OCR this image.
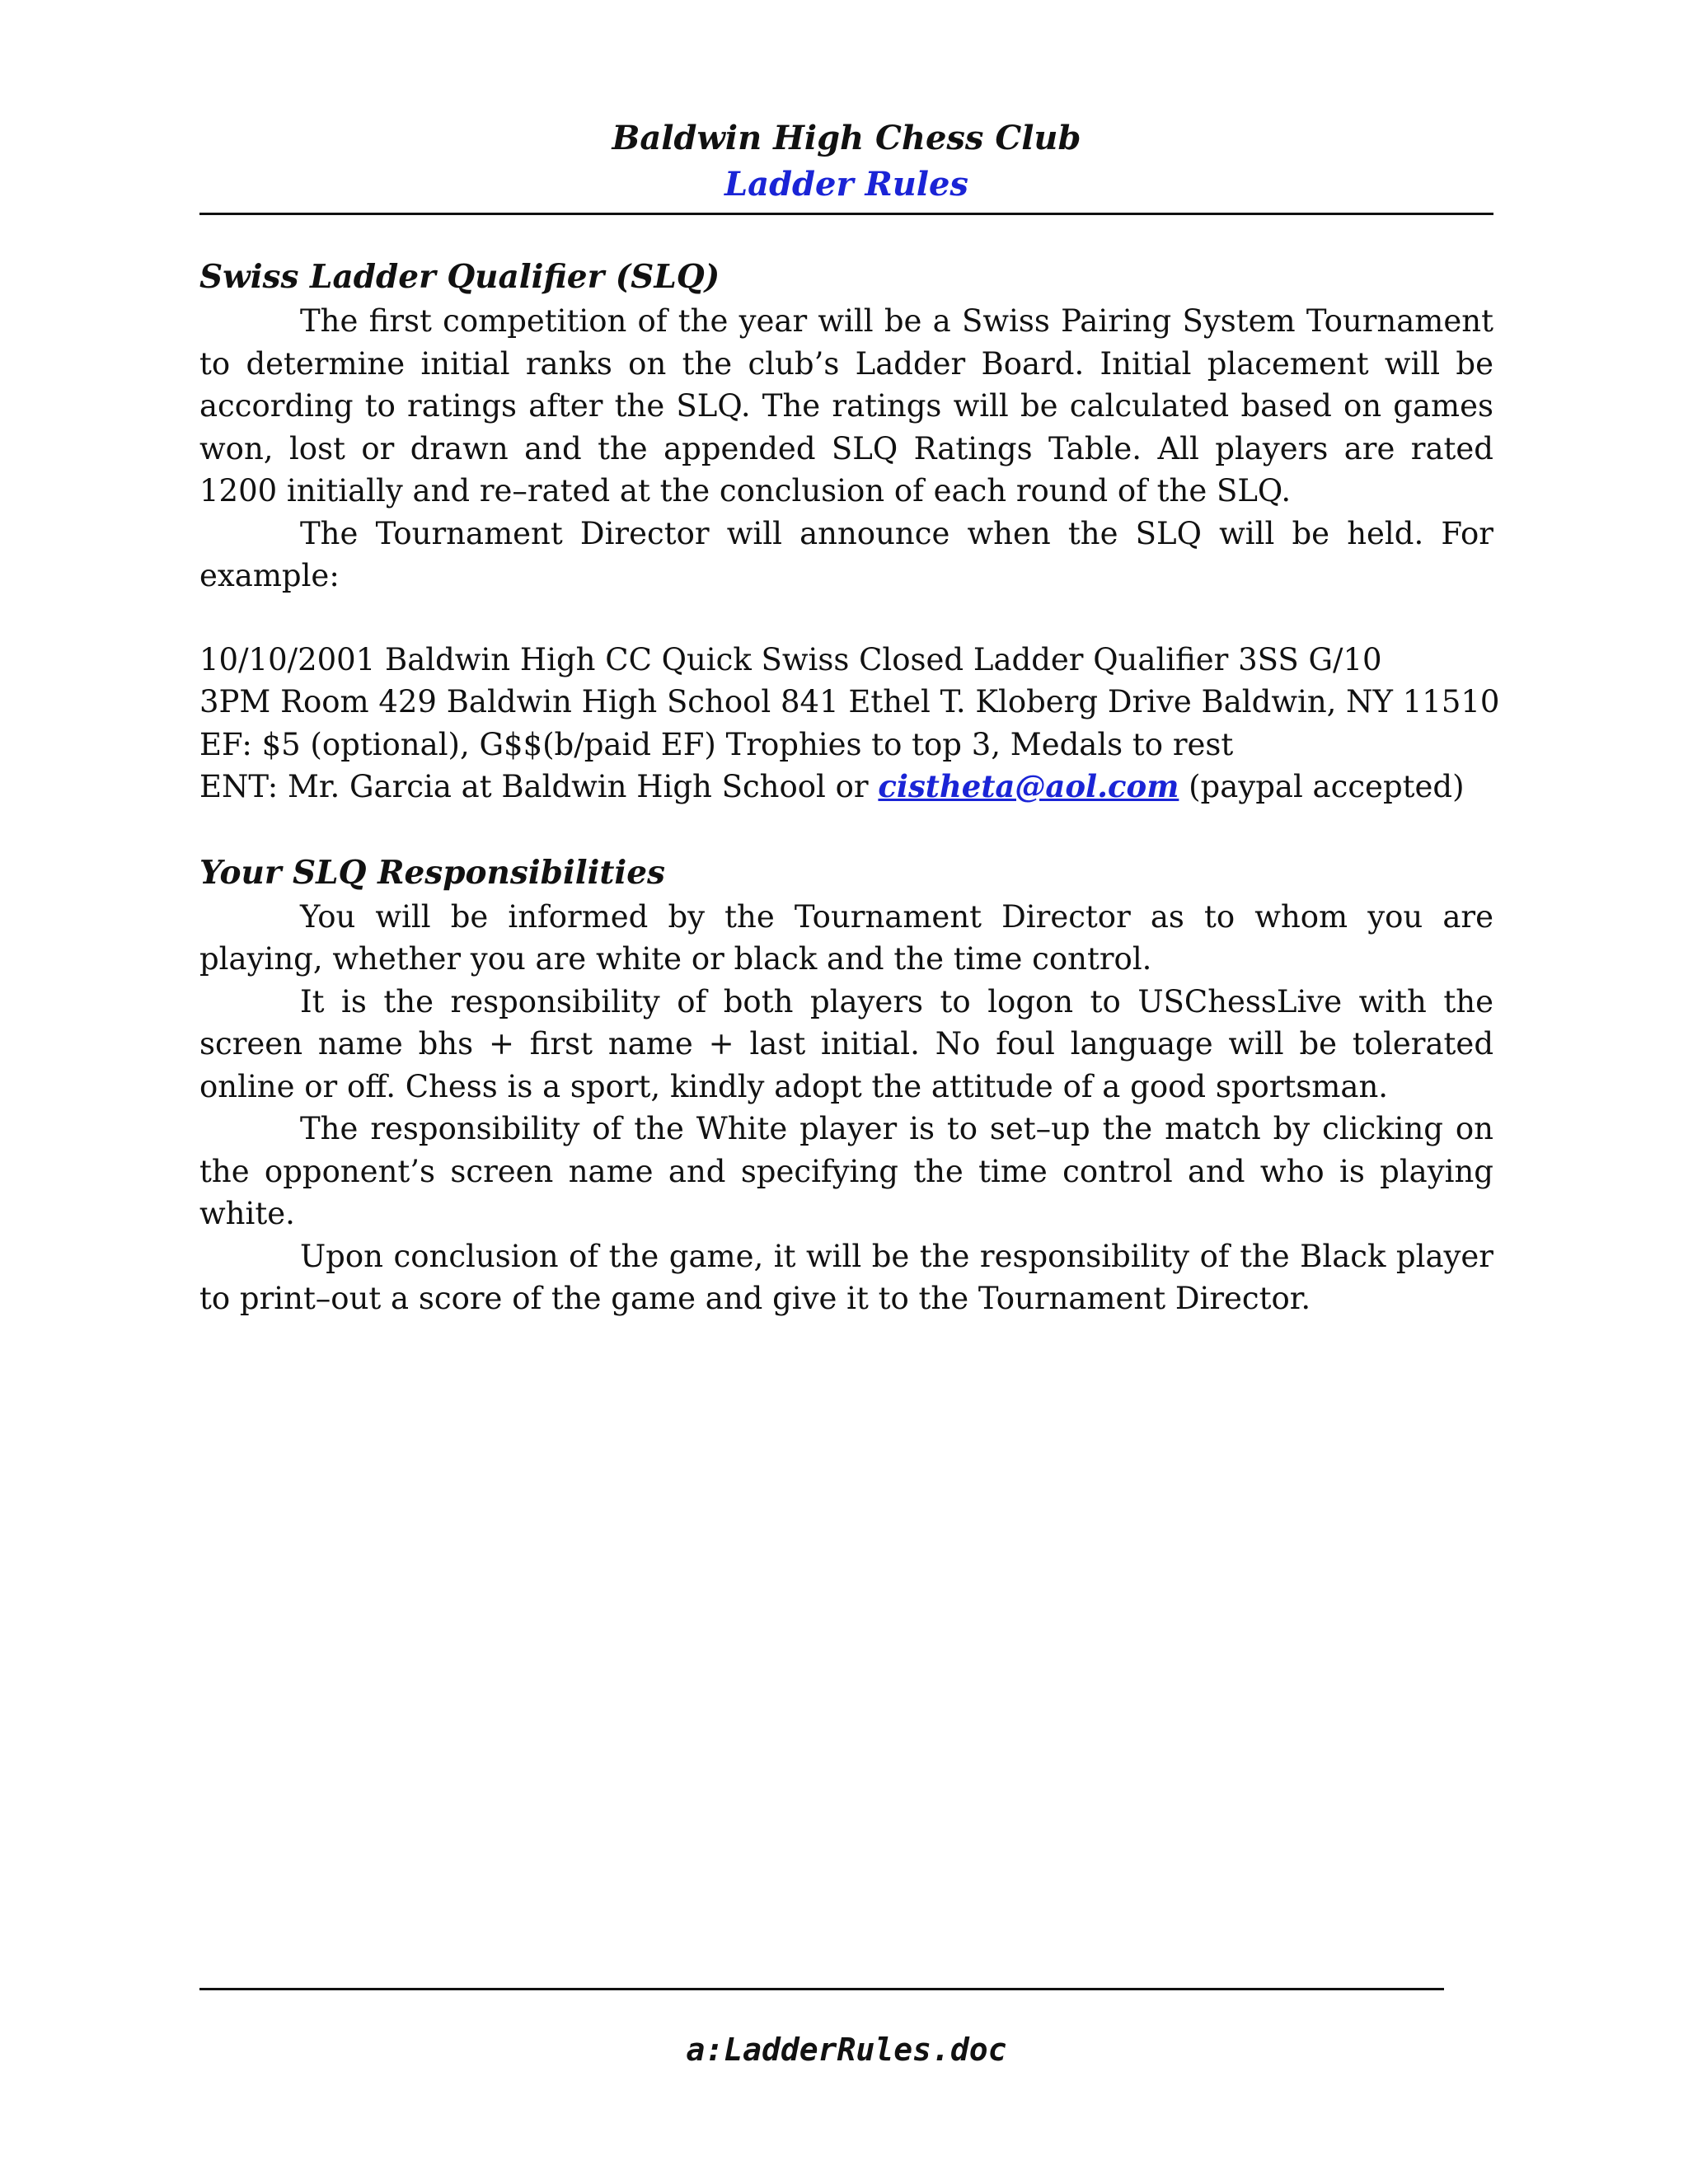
Baldwin High Chess Club
Ladder Rules

Swiss Ladder Qualifier (SLQ)

The first competition of the year will be a Swiss Pairing System Tournament to determine initial ranks on the club’s Ladder Board. Initial placement will be according to ratings after the SLQ. The ratings will be calculated based on games won, lost or drawn and the appended SLQ Ratings Table. All players are rated 1200 initially and re–rated at the conclusion of each round of the SLQ.

The Tournament Director will announce when the SLQ will be held. For example:

10/10/2001 Baldwin High CC Quick Swiss Closed Ladder Qualifier 3SS G/10

3PM Room 429 Baldwin High School 841 Ethel T. Kloberg Drive Baldwin, NY 11510

EF: $5 (optional), G$$(b/paid EF) Trophies to top 3, Medals to rest

ENT: Mr. Garcia at Baldwin High School or cistheta@aol.com (paypal accepted)

Your SLQ Responsibilities

You will be informed by the Tournament Director as to whom you are playing, whether you are white or black and the time control.

It is the responsibility of both players to logon to USChessLive with the screen name bhs + first name + last initial. No foul language will be tolerated online or off. Chess is a sport, kindly adopt the attitude of a good sportsman.

The responsibility of the White player is to set–up the match by clicking on the opponent’s screen name and specifying the time control and who is playing white.

Upon conclusion of the game, it will be the responsibility of the Black player to print–out a score of the game and give it to the Tournament Director.

a:LadderRules.doc
